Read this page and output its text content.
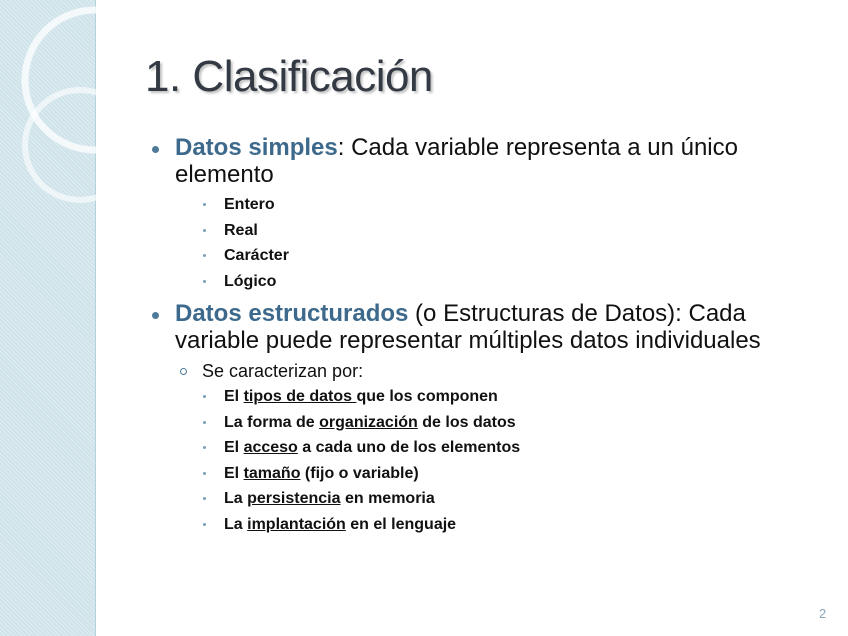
1. Clasificación
Datos simples: Cada variable representa a un único elemento
Entero
Real
Carácter
Lógico
Datos estructurados (o Estructuras de Datos): Cada variable puede representar múltiples datos individuales
Se caracterizan por:
El tipos de datos que los componen
La forma de organización de los datos
El acceso a cada uno de los elementos
El tamaño (fijo o variable)
La persistencia en memoria
La implantación en el lenguaje
2
